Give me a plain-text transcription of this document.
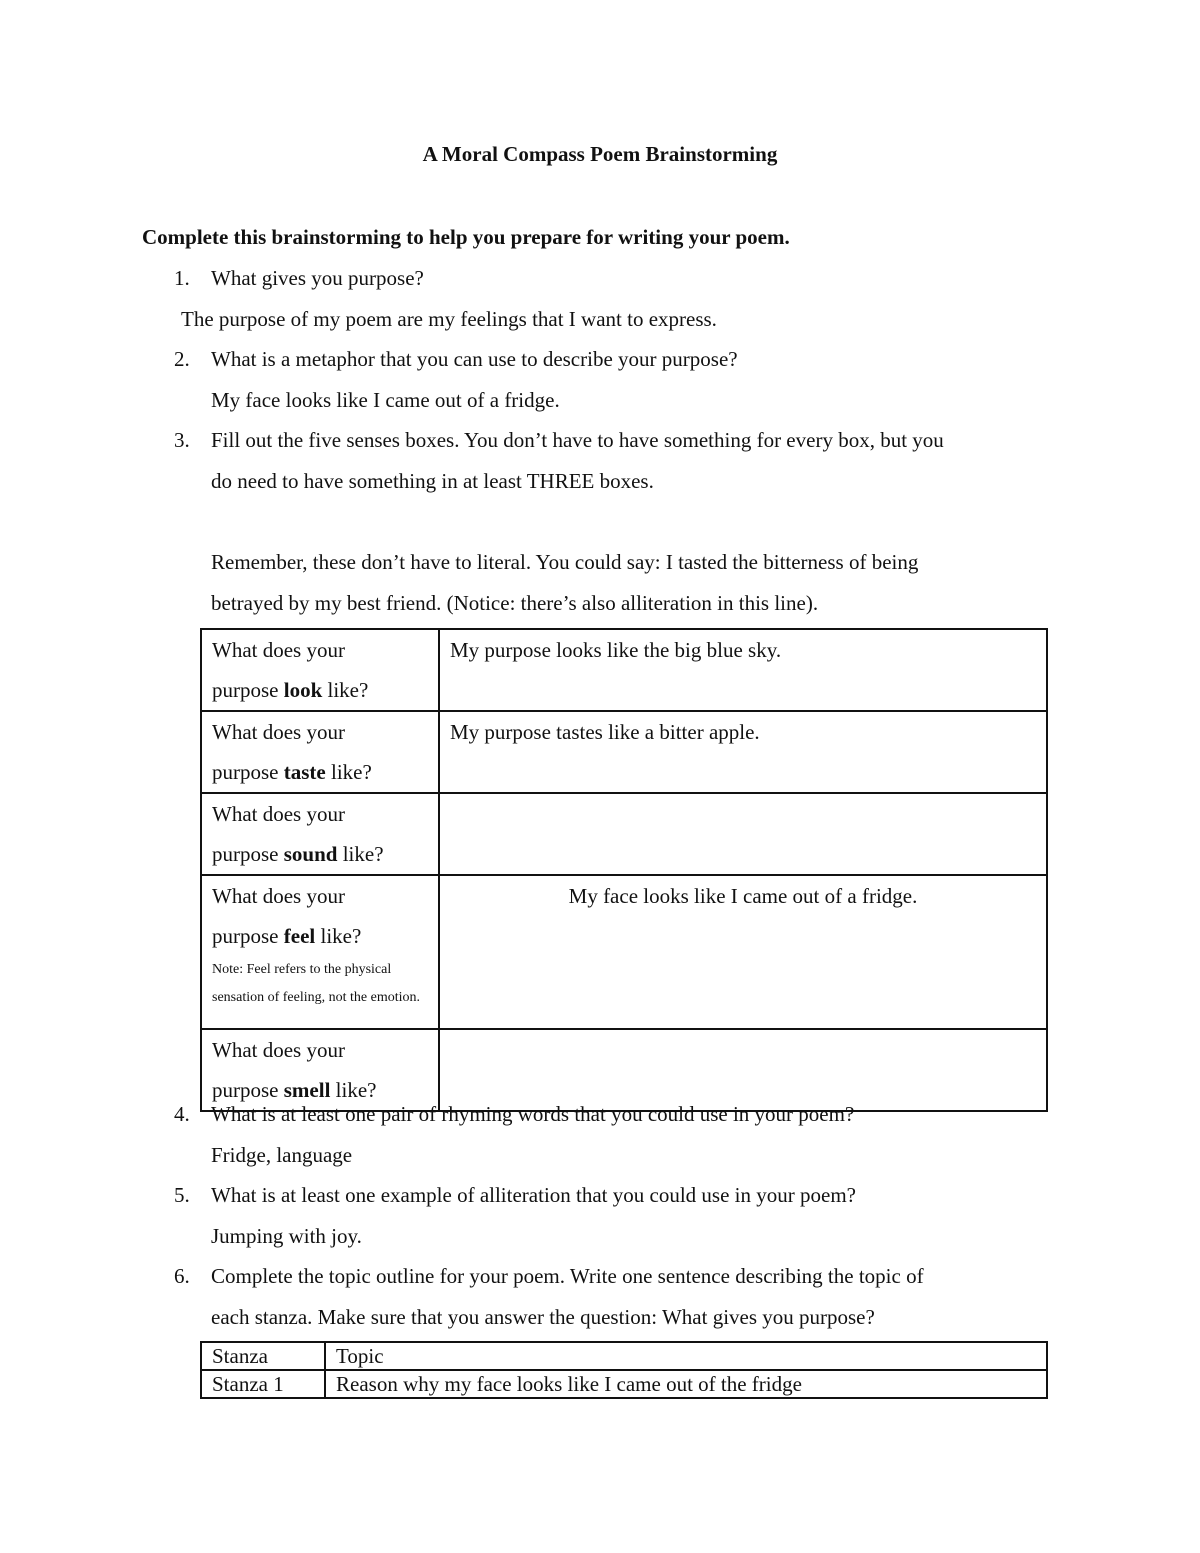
A Moral Compass Poem Brainstorming
Complete this brainstorming to help you prepare for writing your poem.
1. What gives you purpose?
The purpose of my poem are my feelings that I want to express.
2. What is a metaphor that you can use to describe your purpose?
My face looks like I came out of a fridge.
3. Fill out the five senses boxes. You don’t have to have something for every box, but you
do need to have something in at least THREE boxes.
Remember, these don’t have to literal. You could say: I tasted the bitterness of being
betrayed by my best friend. (Notice: there’s also alliteration in this line).
What does your
purpose look like?	My purpose looks like the big blue sky.
What does your
purpose taste like?	My purpose tastes like a bitter apple.
What does your
purpose sound like?	
What does your
purpose feel like?
Note: Feel refers to the physical sensation of feeling, not the emotion.	My face looks like I came out of a fridge.

What does your
purpose smell like?	
4. What is at least one pair of rhyming words that you could use in your poem?
Fridge, language
5. What is at least one example of alliteration that you could use in your poem?
Jumping with joy.
6. Complete the topic outline for your poem. Write one sentence describing the topic of
each stanza. Make sure that you answer the question: What gives you purpose?
Stanza	Topic
Stanza 1	Reason why my face looks like I came out of the fridge
